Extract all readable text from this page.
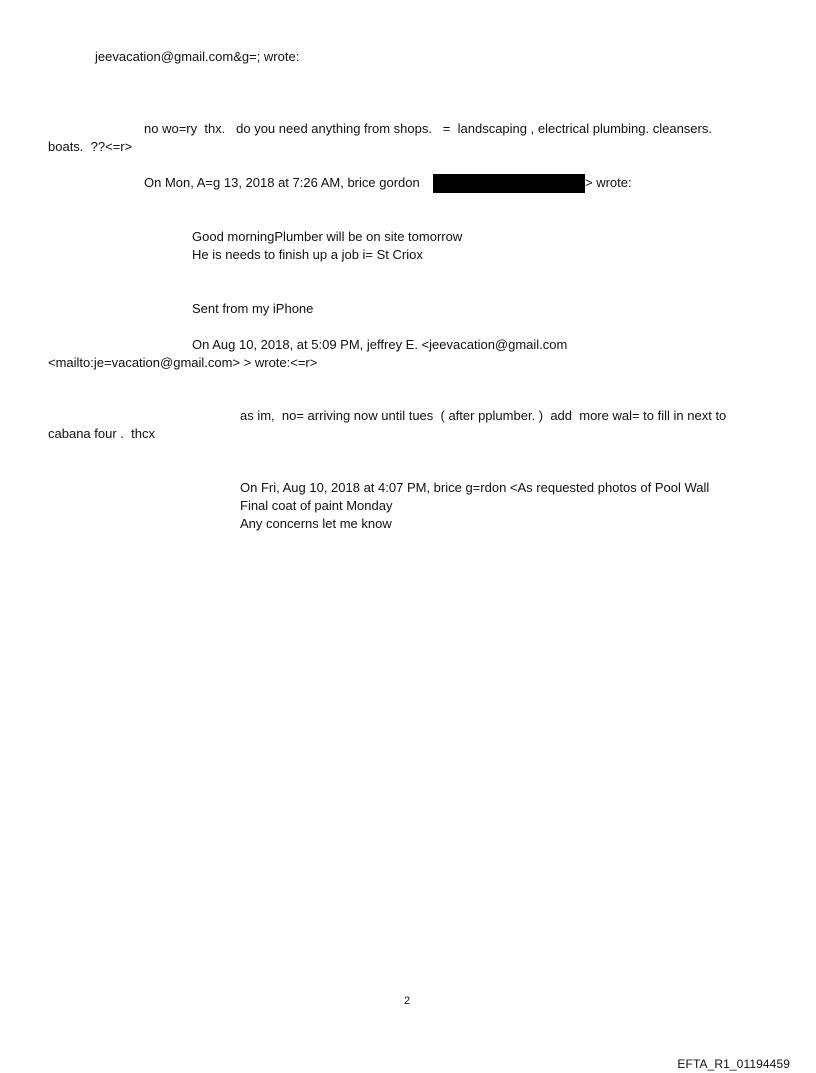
jeevacation@gmail.com&g=; wrote:
no wo=ry  thx.   do you need anything from shops.   =  landscaping , electrical plumbing. cleansers.
boats.  ??<=r>
On Mon, A=g 13, 2018 at 7:26 AM, brice gordon	> wrote:
Good morningPlumber will be on site tomorrow
He is needs to finish up a job i= St Criox
Sent from my iPhone
On Aug 10, 2018, at 5:09 PM, jeffrey E. <jeevacation@gmail.com
<mailto:je=vacation@gmail.com> > wrote:<=r>
as im,  no= arriving now until tues  ( after pplumber. )  add  more wal= to fill in next to
cabana four .  thcx
On Fri, Aug 10, 2018 at 4:07 PM, brice g=rdon <As requested photos of Pool Wall
Final coat of paint Monday
Any concerns let me know
2
EFTA_R1_01194459
